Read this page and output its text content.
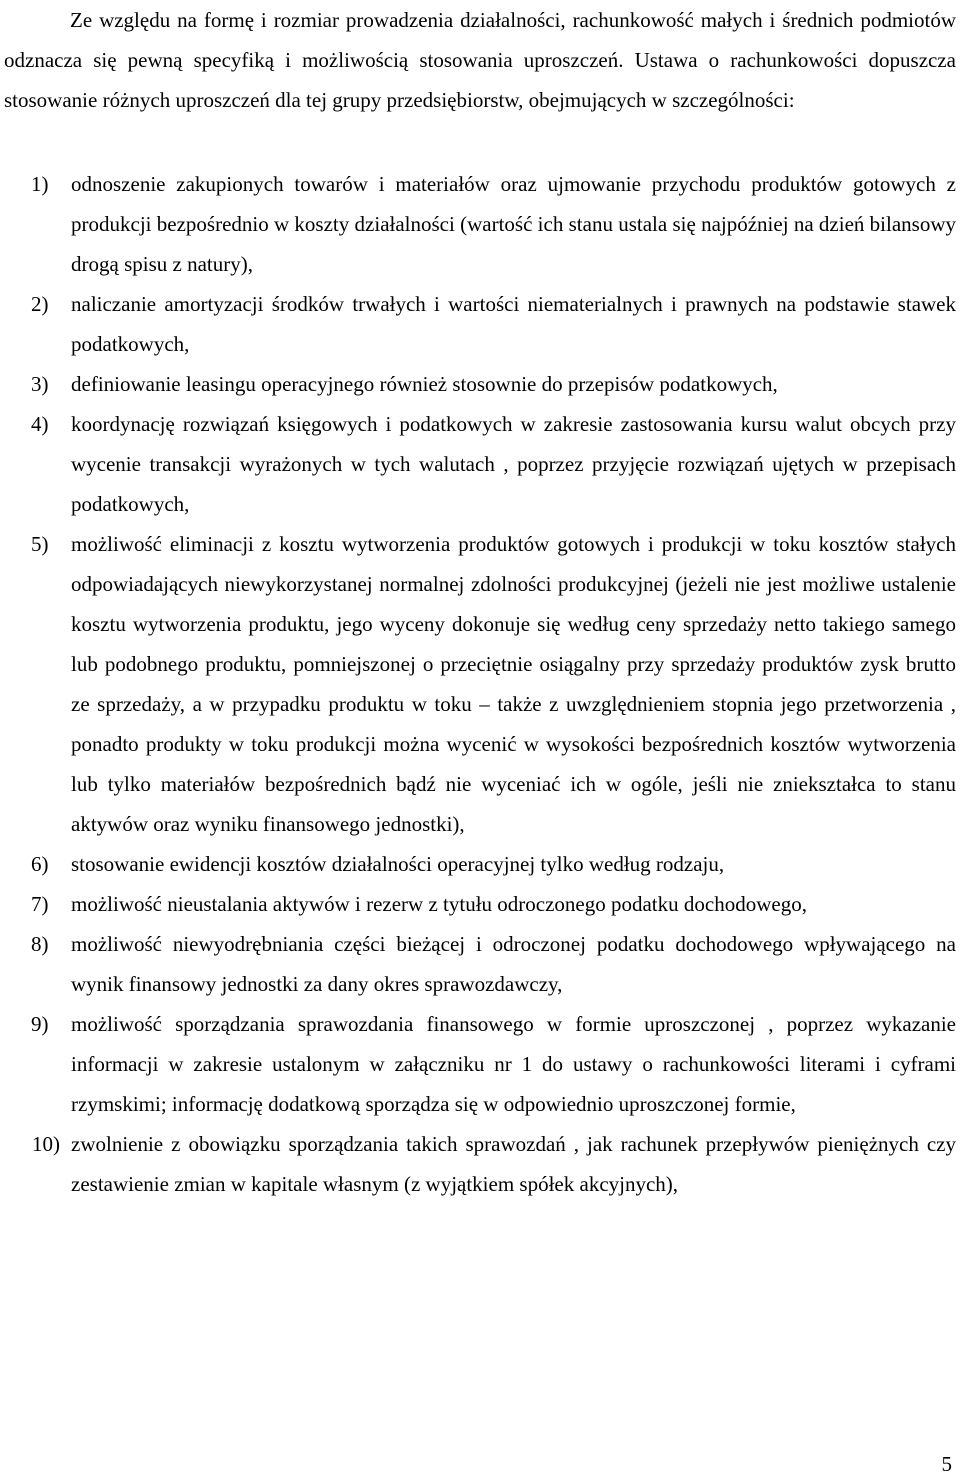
Ze względu na formę i rozmiar prowadzenia działalności, rachunkowość małych i średnich podmiotów odznacza się pewną specyfiką i możliwością stosowania uproszczeń. Ustawa o rachunkowości dopuszcza stosowanie różnych uproszczeń dla tej grupy przedsiębiorstw, obejmujących w szczególności:

1) odnoszenie zakupionych towarów i materiałów oraz ujmowanie przychodu produktów gotowych z produkcji bezpośrednio w koszty działalności (wartość ich stanu ustala się najpóźniej na dzień bilansowy drogą spisu z natury),
2) naliczanie amortyzacji środków trwałych i wartości niematerialnych i prawnych na podstawie stawek podatkowych,
3) definiowanie leasingu operacyjnego również stosownie do przepisów podatkowych,
4) koordynację rozwiązań księgowych i podatkowych w zakresie zastosowania kursu walut obcych przy wycenie transakcji wyrażonych w tych walutach , poprzez przyjęcie rozwiązań ujętych w przepisach podatkowych,
5) możliwość eliminacji z kosztu wytworzenia produktów gotowych i produkcji w toku kosztów stałych odpowiadających niewykorzystanej normalnej zdolności produkcyjnej (jeżeli nie jest możliwe ustalenie kosztu wytworzenia produktu, jego wyceny dokonuje się według ceny sprzedaży netto takiego samego lub podobnego produktu, pomniejszonej o przeciętnie osiągalny przy sprzedaży produktów zysk brutto ze sprzedaży, a w przypadku produktu w toku – także z uwzględnieniem stopnia jego przetworzenia , ponadto produkty w toku produkcji można wycenić w wysokości bezpośrednich kosztów wytworzenia lub tylko materiałów bezpośrednich bądź nie wyceniać ich w ogóle, jeśli nie zniekształca to stanu aktywów oraz wyniku finansowego jednostki),
6) stosowanie ewidencji kosztów działalności operacyjnej tylko według rodzaju,
7) możliwość nieustalania aktywów i rezerw z tytułu odroczonego podatku dochodowego,
8) możliwość niewyodrębniania części bieżącej i odroczonej podatku dochodowego wpływającego na wynik finansowy jednostki za dany okres sprawozdawczy,
9) możliwość sporządzania sprawozdania finansowego w formie uproszczonej , poprzez wykazanie informacji w zakresie ustalonym w załączniku nr 1 do ustawy o rachunkowości literami i cyframi rzymskimi; informację dodatkową sporządza się w odpowiednio uproszczonej formie,
10) zwolnienie z obowiązku sporządzania takich sprawozdań , jak rachunek przepływów pieniężnych czy zestawienie zmian w kapitale własnym (z wyjątkiem spółek akcyjnych),
5
